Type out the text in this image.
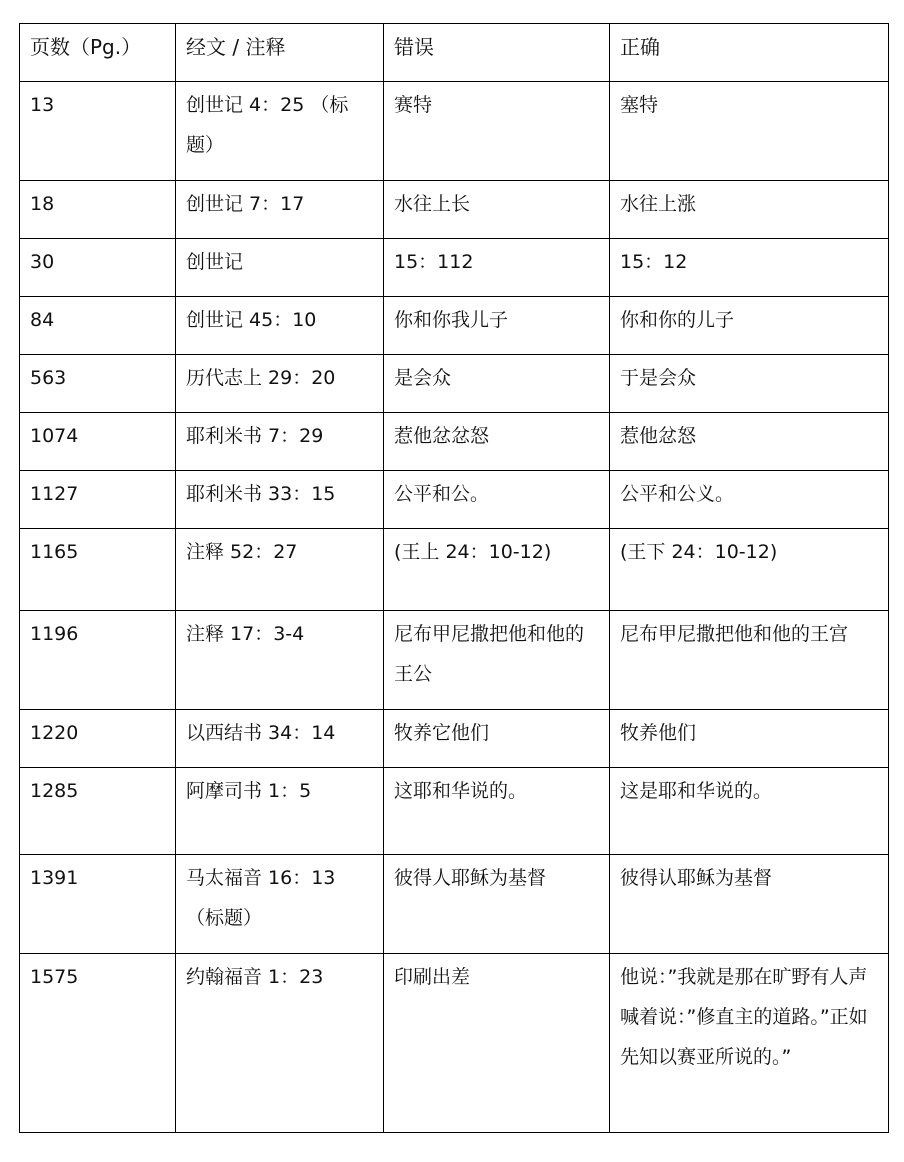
页数（Pg.）	经文 / 注释	错误	正确
13	创世记 4：25 （标题）	赛特	塞特
18	创世记 7：17	水往上长	水往上涨
30	创世记	15：112	15：12
84	创世记 45：10	你和你我儿子	你和你的儿子
563	历代志上 29：20	是会众	于是会众
1074	耶利米书 7：29	惹他忿忿怒	惹他忿怒
1127	耶利米书 33：15	公平和公。	公平和公义。
1165	注释 52：27	(王上 24：10-12)	(王下 24：10-12)
1196	注释 17：3-4	尼布甲尼撒把他和他的王公	尼布甲尼撒把他和他的王宫
1220	以西结书 34：14	牧养它他们	牧养他们
1285	阿摩司书 1：5	这耶和华说的。	这是耶和华说的。
1391	马太福音 16：13 （标题）	彼得人耶稣为基督	彼得认耶稣为基督
1575	约翰福音 1：23	印刷出差	他说：”我就是那在旷野有人声喊着说：”修直主的道路。”正如先知以赛亚所说的。”
